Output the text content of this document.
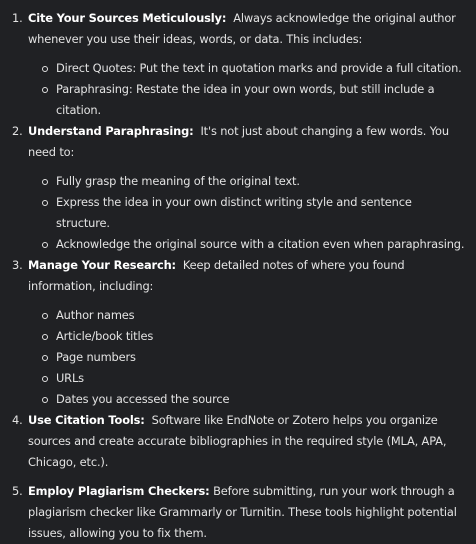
1. Cite Your Sources Meticulously: Always acknowledge the original author whenever you use their ideas, words, or data. This includes:
Direct Quotes: Put the text in quotation marks and provide a full citation.
Paraphrasing: Restate the idea in your own words, but still include a citation.
2. Understand Paraphrasing: It's not just about changing a few words. You need to:
Fully grasp the meaning of the original text.
Express the idea in your own distinct writing style and sentence structure.
Acknowledge the original source with a citation even when paraphrasing.
3. Manage Your Research: Keep detailed notes of where you found information, including:
Author names
Article/book titles
Page numbers
URLs
Dates you accessed the source
4. Use Citation Tools: Software like EndNote or Zotero helps you organize sources and create accurate bibliographies in the required style (MLA, APA, Chicago, etc.).
5. Employ Plagiarism Checkers: Before submitting, run your work through a plagiarism checker like Grammarly or Turnitin. These tools highlight potential issues, allowing you to fix them.
